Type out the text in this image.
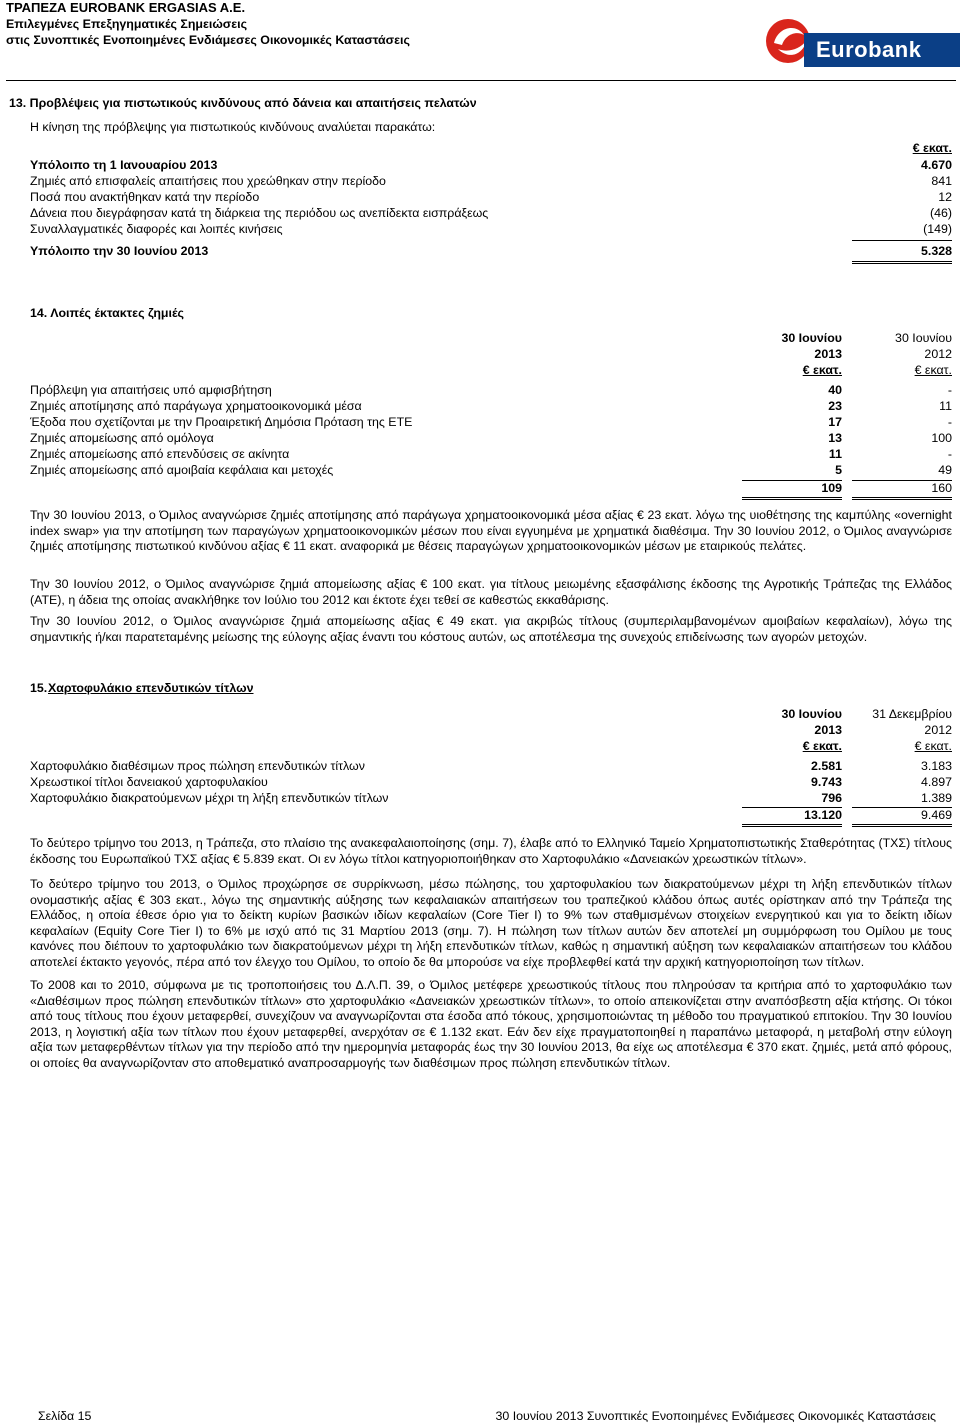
ΤΡΑΠΕΖΑ EUROBANK ERGASIAS A.E.
Επιλεγμένες Επεξηγηματικές Σημειώσεις
στις Συνοπτικές Ενοποιημένες Ενδιάμεσες Οικονομικές Καταστάσεις	Eurobank
13. Προβλέψεις για πιστωτικούς κινδύνους από δάνεια και απαιτήσεις πελατών
Η κίνηση της πρόβλεψης για πιστωτικούς κινδύνους αναλύεται παρακάτω:
€ εκατ.
Υπόλοιπο τη 1 Ιανουαρίου 2013	4.670
Ζημιές από επισφαλείς απαιτήσεις που χρεώθηκαν στην περίοδο	841
Ποσά που ανακτήθηκαν κατά την περίοδο	12
Δάνεια που διεγράφησαν κατά τη διάρκεια της περιόδου ως ανεπίδεκτα εισπράξεως	(46)
Συναλλαγματικές διαφορές και λοιπές κινήσεις	(149)
Υπόλοιπο την 30 Ιουνίου 2013	5.328
14. Λοιπές έκτακτες ζημιές
30 Ιουνίου
2013
€ εκατ.
30 Ιουνίου
2012
€ εκατ.
Πρόβλεψη για απαιτήσεις υπό αμφισβήτηση	40	-
Ζημιές αποτίμησης από παράγωγα χρηματοοικονομικά μέσα	23	11
Έξοδα που σχετίζονται με την Προαιρετική Δημόσια Πρόταση της ΕΤΕ	17	-
Ζημιές απομείωσης από ομόλογα	13	100
Ζημιές απομείωσης από επενδύσεις σε ακίνητα	11	-
Ζημιές απομείωσης από αμοιβαία κεφάλαια και μετοχές	5	49
109	160

Την 30 Ιουνίου 2013, ο Όμιλος αναγνώρισε ζημιές αποτίμησης από παράγωγα χρηματοοικονομικά μέσα αξίας € 23 εκατ. λόγω της υιοθέτησης της καμπύλης «overnight index swap» για την αποτίμηση των παραγώγων χρηματοοικονομικών μέσων που είναι εγγυημένα με χρηματικά διαθέσιμα. Την 30 Ιουνίου 2012, ο Όμιλος αναγνώρισε ζημιές αποτίμησης πιστωτικού κινδύνου αξίας € 11 εκατ. αναφορικά με θέσεις παραγώγων χρηματοοικονομικών μέσων με εταιρικούς πελάτες.

Την 30 Ιουνίου 2012, ο Όμιλος αναγνώρισε ζημιά απομείωσης αξίας € 100 εκατ. για τίτλους μειωμένης εξασφάλισης έκδοσης της Αγροτικής Τράπεζας της Ελλάδος (ΑΤΕ), η άδεια της οποίας ανακλήθηκε τον Ιούλιο του 2012 και έκτοτε έχει τεθεί σε καθεστώς εκκαθάρισης.

Την 30 Ιουνίου 2012, ο Όμιλος αναγνώρισε ζημιά απομείωσης αξίας € 49 εκατ. για ακριβώς τίτλους (συμπεριλαμβανομένων αμοιβαίων κεφαλαίων), λόγω της σημαντικής ή/και παρατεταμένης μείωσης της εύλογης αξίας έναντι του κόστους αυτών, ως αποτέλεσμα της συνεχούς επιδείνωσης των αγορών μετοχών.

15. Χαρτοφυλάκιο επενδυτικών τίτλων
30 Ιουνίου
2013
€ εκατ.
31 Δεκεμβρίου
2012
€ εκατ.
Χαρτοφυλάκιο διαθέσιμων προς πώληση επενδυτικών τίτλων	2.581	3.183
Χρεωστικοί τίτλοι δανειακού χαρτοφυλακίου	9.743	4.897
Χαρτοφυλάκιο διακρατούμενων μέχρι τη λήξη επενδυτικών τίτλων	796	1.389
13.120	9.469

Το δεύτερο τρίμηνο του 2013, η Τράπεζα, στο πλαίσιο της ανακεφαλαιοποίησης (σημ. 7), έλαβε από το Ελληνικό Ταμείο Χρηματοπιστωτικής Σταθερότητας (ΤΧΣ) τίτλους έκδοσης του Ευρωπαϊκού ΤΧΣ αξίας € 5.839 εκατ. Οι εν λόγω τίτλοι κατηγοριοποιήθηκαν στο Χαρτοφυλάκιο «Δανειακών χρεωστικών τίτλων».

Το δεύτερο τρίμηνο του 2013, ο Όμιλος προχώρησε σε συρρίκνωση, μέσω πώλησης, του χαρτοφυλακίου των διακρατούμενων μέχρι τη λήξη επενδυτικών τίτλων ονομαστικής αξίας € 303 εκατ., λόγω της σημαντικής αύξησης των κεφαλαιακών απαιτήσεων του τραπεζικού κλάδου όπως αυτές ορίστηκαν από την Τράπεζα της Ελλάδος, η οποία έθεσε όριο για το δείκτη κυρίων βασικών ιδίων κεφαλαίων (Core Tier I) το 9% των σταθμισμένων στοιχείων ενεργητικού και για το δείκτη ιδίων κεφαλαίων (Equity Core Tier I) το 6% με ισχύ από τις 31 Μαρτίου 2013 (σημ. 7). Η πώληση των τίτλων αυτών δεν αποτελεί μη συμμόρφωση του Ομίλου με τους κανόνες που διέπουν το χαρτοφυλάκιο των διακρατούμενων μέχρι τη λήξη επενδυτικών τίτλων, καθώς η σημαντική αύξηση των κεφαλαιακών απαιτήσεων του κλάδου αποτελεί έκτακτο γεγονός, πέρα από τον έλεγχο του Ομίλου, το οποίο δε θα μπορούσε να είχε προβλεφθεί κατά την αρχική κατηγοριοποίηση των τίτλων.

Το 2008 και το 2010, σύμφωνα με τις τροποποιήσεις του Δ.Λ.Π. 39, ο Όμιλος μετέφερε χρεωστικούς τίτλους που πληρούσαν τα κριτήρια από το χαρτοφυλάκιο των «Διαθέσιμων προς πώληση επενδυτικών τίτλων» στο χαρτοφυλάκιο «Δανειακών χρεωστικών τίτλων», το οποίο απεικονίζεται στην αναπόσβεστη αξία κτήσης. Οι τόκοι από τους τίτλους που έχουν μεταφερθεί, συνεχίζουν να αναγνωρίζονται στα έσοδα από τόκους, χρησιμοποιώντας τη μέθοδο του πραγματικού επιτοκίου. Την 30 Ιουνίου 2013, η λογιστική αξία των τίτλων που έχουν μεταφερθεί, ανερχόταν σε € 1.132 εκατ. Εάν δεν είχε πραγματοποιηθεί η παραπάνω μεταφορά, η μεταβολή στην εύλογη αξία των μεταφερθέντων τίτλων για την περίοδο από την ημερομηνία μεταφοράς έως την 30 Ιουνίου 2013, θα είχε ως αποτέλεσμα € 370 εκατ. ζημιές, μετά από φόρους, οι οποίες θα αναγνωρίζονταν στο αποθεματικό αναπροσαρμογής των διαθέσιμων προς πώληση επενδυτικών τίτλων.

Σελίδα 15	30 Ιουνίου 2013 Συνοπτικές Ενοποιημένες Ενδιάμεσες Οικονομικές Καταστάσεις
